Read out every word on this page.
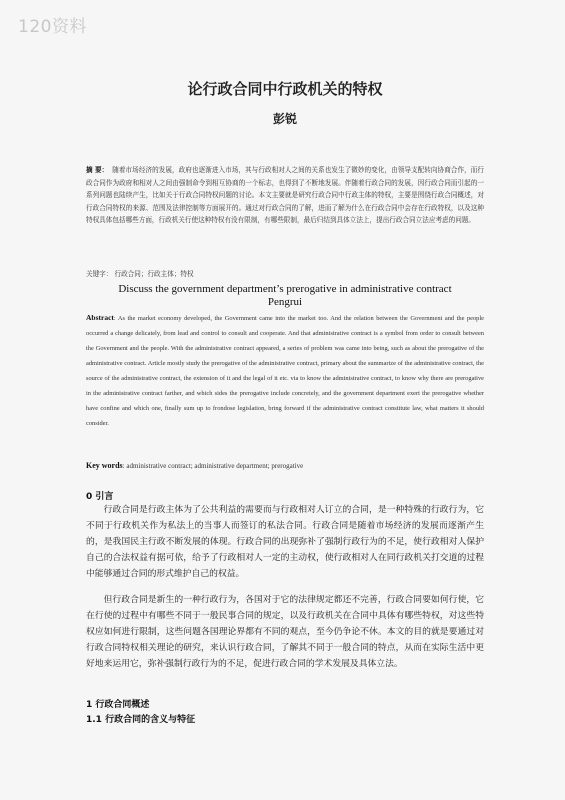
120资料
论行政合同中行政机关的特权
彭锐
摘 要： 随着市场经济的发展，政府也逐渐进入市场，其与行政相对人之间的关系也发生了微妙的变化，由领导支配转向协商合作，而行政合同作为政府和相对人之间由强制命令到相互协商的一个标志，也得到了不断地发展。伴随着行政合同的发展，因行政合同而引起的一系列问题也陆续产生，比如关于行政合同特权问题的讨论。本文主要就是研究行政合同中行政主体的特权，主要是围绕行政合同概述，对行政合同特权的来源、范围及法律控制等方面展开的。通过对行政合同的了解，进而了解为什么在行政合同中会存在行政特权，以及这种特权具体包括哪些方面，行政机关行使这种特权有没有限制，有哪些限制，最后归结到具体立法上，提出行政合同立法应考虑的问题。
关键字： 行政合同；行政主体；特权
Discuss the government department’s prerogative in administrative contract
Pengrui
Abstract: As the market economy developed, the Government came into the market too. And the relation between the Government and the people occurred a change delicately, from lead and control to consult and cooperate. And that administrative contract is a symbol from order to consult between the Government and the people. With the administrative contract appeared, a series of problem was came into being, such as about the prerogative of the administrative contract. Article mostly study the prerogative of the administrative contract, primary about the summarize of the administrative contract, the source of the administrative contract, the extension of it and the legal of it etc. via to know the administrative contract, to know why there are prerogative in the administrative contract farther, and which sides the prerogative include concretely, and the government department exert the prerogative whether have confine and which one, finally sum up to frondose legislation, bring forward if the administrative contract constitute law, what matters it should consider.
Key words: administrative contract; administrative department; prerogative
0 引言
行政合同是行政主体为了公共利益的需要而与行政相对人订立的合同，是一种特殊的行政行为，它不同于行政机关作为私法上的当事人而签订的私法合同。行政合同是随着市场经济的发展而逐渐产生的，是我国民主行政不断发展的体现。行政合同的出现弥补了强制行政行为的不足，使行政相对人保护自己的合法权益有据可依，给予了行政相对人一定的主动权，使行政相对人在同行政机关打交道的过程中能够通过合同的形式维护自己的权益。
但行政合同是新生的一种行政行为，各国对于它的法律规定都还不完善，行政合同要如何行使，它在行使的过程中有哪些不同于一般民事合同的规定，以及行政机关在合同中具体有哪些特权，对这些特权应如何进行限制，这些问题各国理论界都有不同的观点，至今仍争论不休。本文的目的就是要通过对行政合同特权相关理论的研究，来认识行政合同，了解其不同于一般合同的特点，从而在实际生活中更好地来运用它，弥补强制行政行为的不足，促进行政合同的学术发展及具体立法。
1 行政合同概述
1.1 行政合同的含义与特征
